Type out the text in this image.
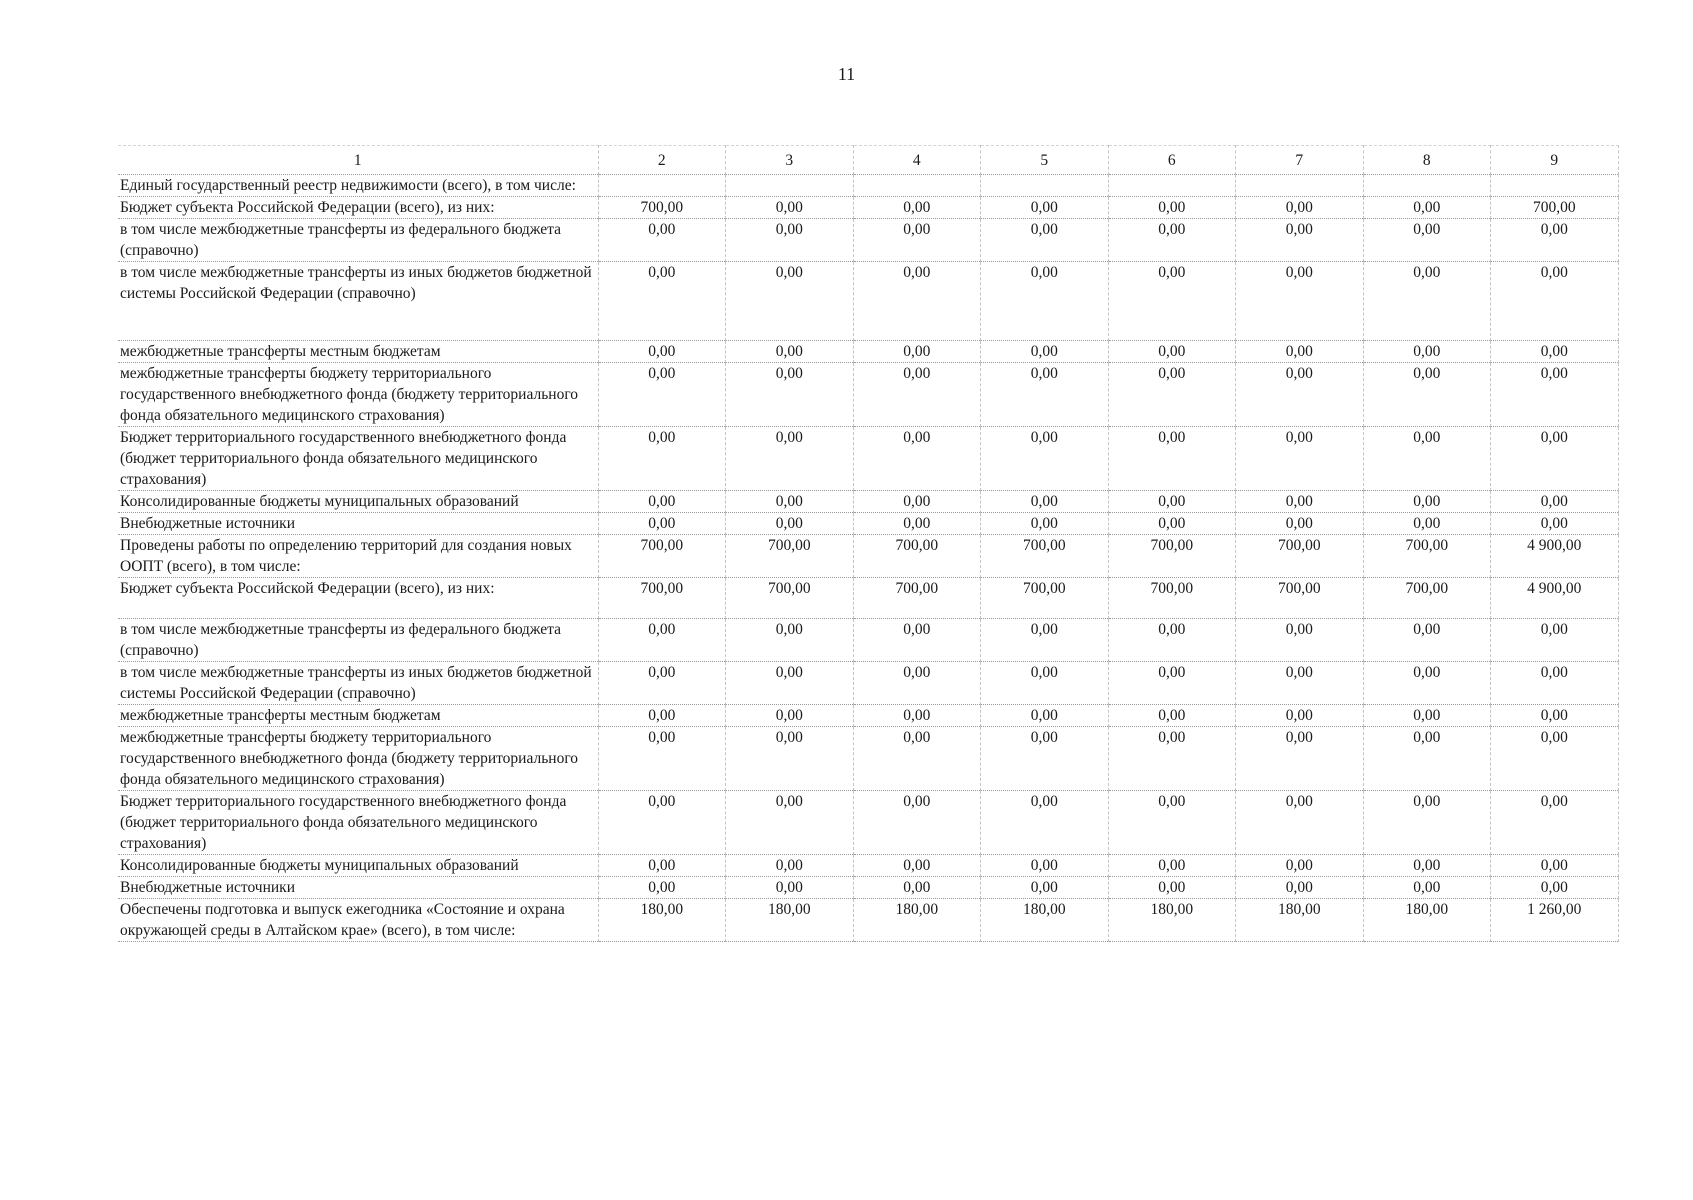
11
1	2	3	4	5	6	7	8	9
Единый государственный реестр недвижимости (всего), в том числе:								
Бюджет субъекта Российской Федерации (всего), из них:	700,00	0,00	0,00	0,00	0,00	0,00	0,00	700,00
в том числе межбюджетные трансферты из федерального бюджета (справочно)	0,00	0,00	0,00	0,00	0,00	0,00	0,00	0,00
в том числе межбюджетные трансферты из иных бюджетов бюджетной системы Российской Федерации (справочно)	0,00	0,00	0,00	0,00	0,00	0,00	0,00	0,00
межбюджетные трансферты местным бюджетам	0,00	0,00	0,00	0,00	0,00	0,00	0,00	0,00
межбюджетные трансферты бюджету территориального государственного внебюджетного фонда (бюджету территориального фонда обязательного медицинского страхования)	0,00	0,00	0,00	0,00	0,00	0,00	0,00	0,00
Бюджет территориального государственного внебюджетного фонда (бюджет территориального фонда обязательного медицинского страхования)	0,00	0,00	0,00	0,00	0,00	0,00	0,00	0,00
Консолидированные бюджеты муниципальных образований	0,00	0,00	0,00	0,00	0,00	0,00	0,00	0,00
Внебюджетные источники	0,00	0,00	0,00	0,00	0,00	0,00	0,00	0,00
Проведены работы по определению территорий для создания новых ООПТ (всего), в том числе:	700,00	700,00	700,00	700,00	700,00	700,00	700,00	4 900,00
Бюджет субъекта Российской Федерации (всего), из них:	700,00	700,00	700,00	700,00	700,00	700,00	700,00	4 900,00
в том числе межбюджетные трансферты из федерального бюджета (справочно)	0,00	0,00	0,00	0,00	0,00	0,00	0,00	0,00
в том числе межбюджетные трансферты из иных бюджетов бюджетной системы Российской Федерации (справочно)	0,00	0,00	0,00	0,00	0,00	0,00	0,00	0,00
межбюджетные трансферты местным бюджетам	0,00	0,00	0,00	0,00	0,00	0,00	0,00	0,00
межбюджетные трансферты бюджету территориального государственного внебюджетного фонда (бюджету территориального фонда обязательного медицинского страхования)	0,00	0,00	0,00	0,00	0,00	0,00	0,00	0,00
Бюджет территориального государственного внебюджетного фонда (бюджет территориального фонда обязательного медицинского страхования)	0,00	0,00	0,00	0,00	0,00	0,00	0,00	0,00
Консолидированные бюджеты муниципальных образований	0,00	0,00	0,00	0,00	0,00	0,00	0,00	0,00
Внебюджетные источники	0,00	0,00	0,00	0,00	0,00	0,00	0,00	0,00
Обеспечены подготовка и выпуск ежегодника «Состояние и охрана окружающей среды в Алтайском крае» (всего), в том числе:	180,00	180,00	180,00	180,00	180,00	180,00	180,00	1 260,00
